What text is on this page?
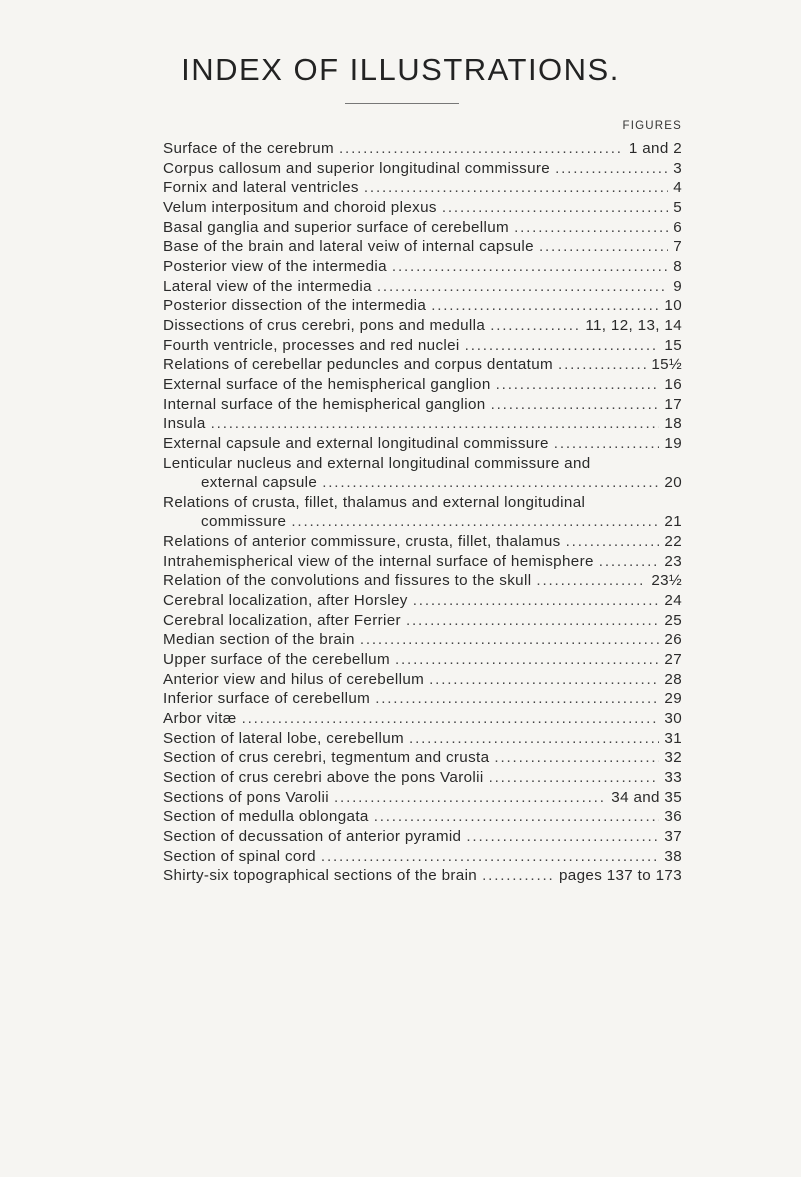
INDEX OF ILLUSTRATIONS.
FIGURES
Surface of the cerebrum . . .	1 and 2
Corpus callosum and superior longitudinal commissure . . .	3
Fornix and lateral ventricles . . .	4
Velum interpositum and choroid plexus . . .	5
Basal ganglia and superior surface of cerebellum . . .	6
Base of the brain and lateral veiw of internal capsule . . .	7
Posterior view of the intermedia . . .	8
Lateral view of the intermedia . . .	9
Posterior dissection of the intermedia . . .	10
Dissections of crus cerebri, pons and medulla . . .	11, 12, 13, 14
Fourth ventricle, processes and red nuclei . . .	15
Relations of cerebellar peduncles and corpus dentatum . . .	15½
External surface of the hemispherical ganglion . . .	16
Internal surface of the hemispherical ganglion . . .	17
Insula . . .	18
External capsule and external longitudinal commissure . . .	19
Lenticular nucleus and external longitudinal commissure and
external capsule . . .	20
Relations of crusta, fillet, thalamus and external longitudinal
commissure . . .	21
Relations of anterior commissure, crusta, fillet, thalamus . . .	22
Intrahemispherical view of the internal surface of hemisphere . . .	23
Relation of the convolutions and fissures to the skull . . .	23½
Cerebral localization, after Horsley . . .	24
Cerebral localization, after Ferrier . . .	25
Median section of the brain . . .	26
Upper surface of the cerebellum . . .	27
Anterior view and hilus of cerebellum . . .	28
Inferior surface of cerebellum . . .	29
Arbor vitæ . . .	30
Section of lateral lobe, cerebellum . . .	31
Section of crus cerebri, tegmentum and crusta . . .	32
Section of crus cerebri above the pons Varolii . . .	33
Sections of pons Varolii . . .	34 and 35
Section of medulla oblongata . . .	36
Section of decussation of anterior pyramid . . .	37
Section of spinal cord . . .	38
Shirty-six topographical sections of the brain . . .	pages 137 to 173
